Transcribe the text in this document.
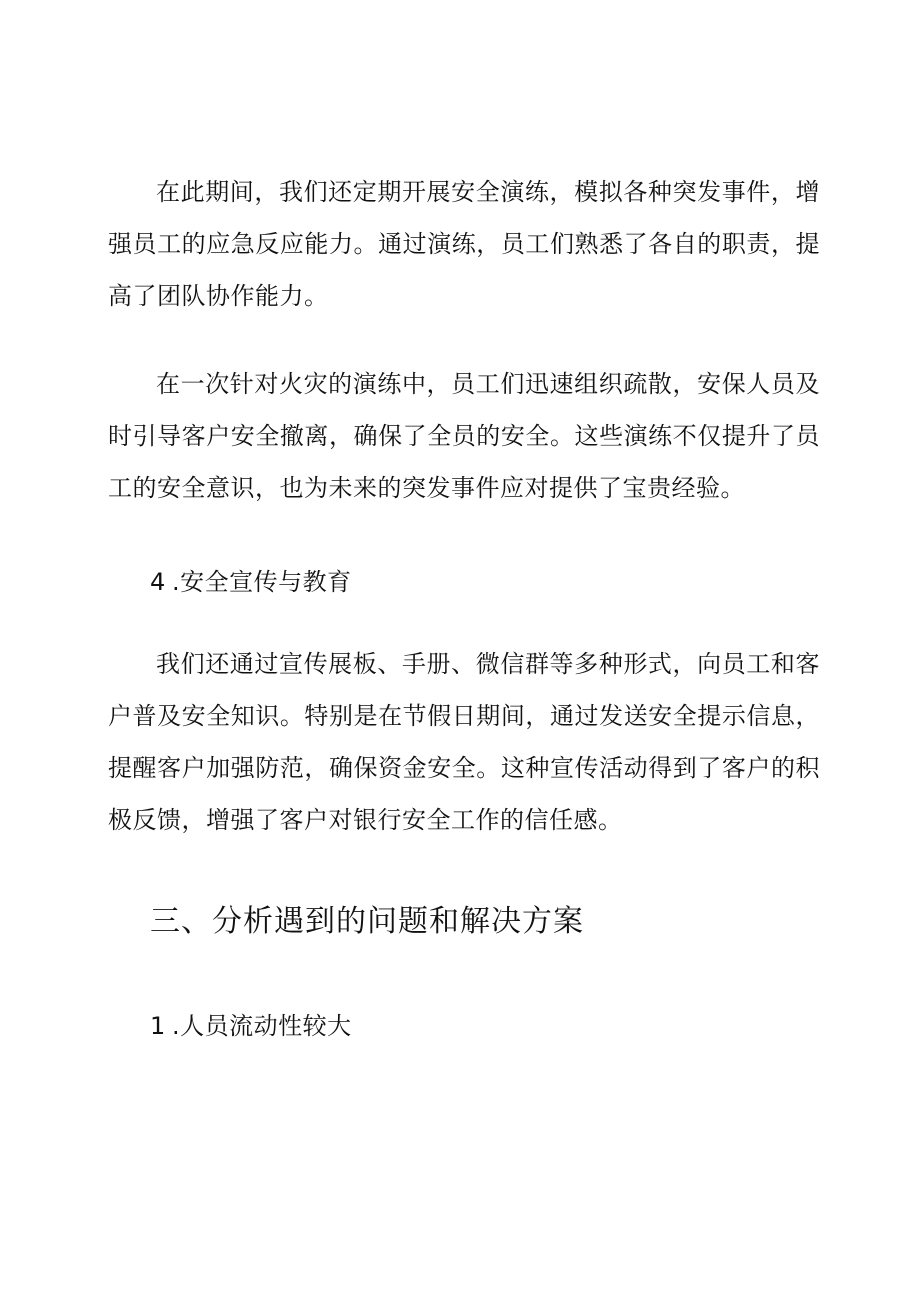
在此期间，我们还定期开展安全演练，模拟各种突发事件，增强员工的应急反应能力。通过演练，员工们熟悉了各自的职责，提高了团队协作能力。

在一次针对火灾的演练中，员工们迅速组织疏散，安保人员及时引导客户安全撤离，确保了全员的安全。这些演练不仅提升了员工的安全意识，也为未来的突发事件应对提供了宝贵经验。

4 .安全宣传与教育

我们还通过宣传展板、手册、微信群等多种形式，向员工和客户普及安全知识。特别是在节假日期间，通过发送安全提示信息，提醒客户加强防范，确保资金安全。这种宣传活动得到了客户的积极反馈，增强了客户对银行安全工作的信任感。

三、分析遇到的问题和解决方案
1 .人员流动性较大
